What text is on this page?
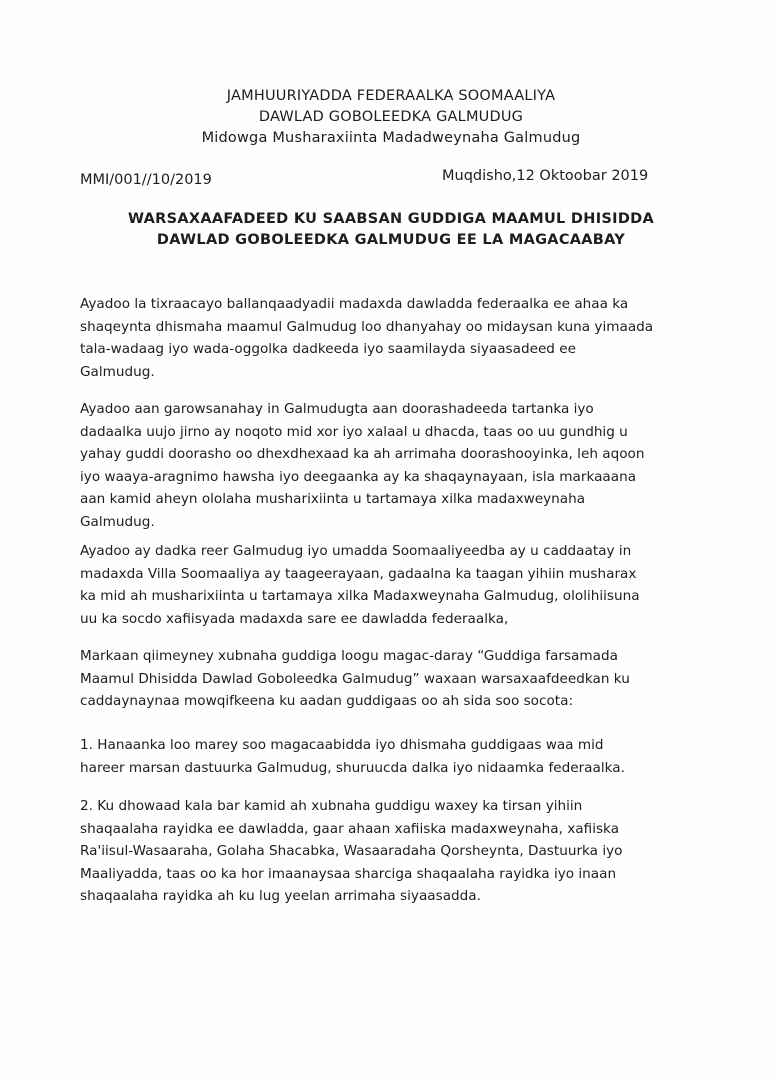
JAMHUURIYADDA FEDERAALKA SOOMAALIYA
DAWLAD GOBOLEEDKA GALMUDUG
Midowga Musharaxiinta Madadweynaha Galmudug
MMI/001//10/2019	Muqdisho,12 Oktoobar 2019
WARSAXAAFADEED KU SAABSAN GUDDIGA MAAMUL DHISIDDA
DAWLAD GOBOLEEDKA GALMUDUG EE LA MAGACAABAY
Ayadoo la tixraacayo ballanqaadyadii madaxda dawladda federaalka ee ahaa ka
shaqeynta dhismaha maamul Galmudug loo dhanyahay oo midaysan kuna yimaada
tala-wadaag iyo wada-oggolka dadkeeda iyo saamilayda siyaasadeed ee
Galmudug.
Ayadoo aan garowsanahay in Galmudugta aan doorashadeeda tartanka iyo
dadaalka uujo jirno ay noqoto mid xor iyo xalaal u dhacda, taas oo uu gundhig u
yahay guddi doorasho oo dhexdhexaad ka ah arrimaha doorashooyinka, leh aqoon
iyo waaya-aragnimo hawsha iyo deegaanka ay ka shaqaynayaan, isla markaaana
aan kamid aheyn ololaha musharixiinta u tartamaya xilka madaxweynaha
Galmudug.
Ayadoo ay dadka reer Galmudug iyo umadda Soomaaliyeedba ay u caddaatay in
madaxda Villa Soomaaliya ay taageerayaan, gadaalna ka taagan yihiin musharax
ka mid ah musharixiinta u tartamaya xilka Madaxweynaha Galmudug, ololihiisuna
uu ka socdo xafiisyada madaxda sare ee dawladda federaalka,
Markaan qiimeyney xubnaha guddiga loogu magac-daray “Guddiga farsamada
Maamul Dhisidda Dawlad Goboleedka Galmudug” waxaan warsaxaafdeedkan ku
caddaynaynaa mowqifkeena ku aadan guddigaas oo ah sida soo socota:
1. Hanaanka loo marey soo magacaabidda iyo dhismaha guddigaas waa mid
hareer marsan dastuurka Galmudug, shuruucda dalka iyo nidaamka federaalka.
2. Ku dhowaad kala bar kamid ah xubnaha guddigu waxey ka tirsan yihiin
shaqaalaha rayidka ee dawladda, gaar ahaan xafiiska madaxweynaha, xafiiska
Ra'iisul-Wasaaraha, Golaha Shacabka, Wasaaradaha Qorsheynta, Dastuurka iyo
Maaliyadda, taas oo ka hor imaanaysaa sharciga shaqaalaha rayidka iyo inaan
shaqaalaha rayidka ah ku lug yeelan arrimaha siyaasadda.
